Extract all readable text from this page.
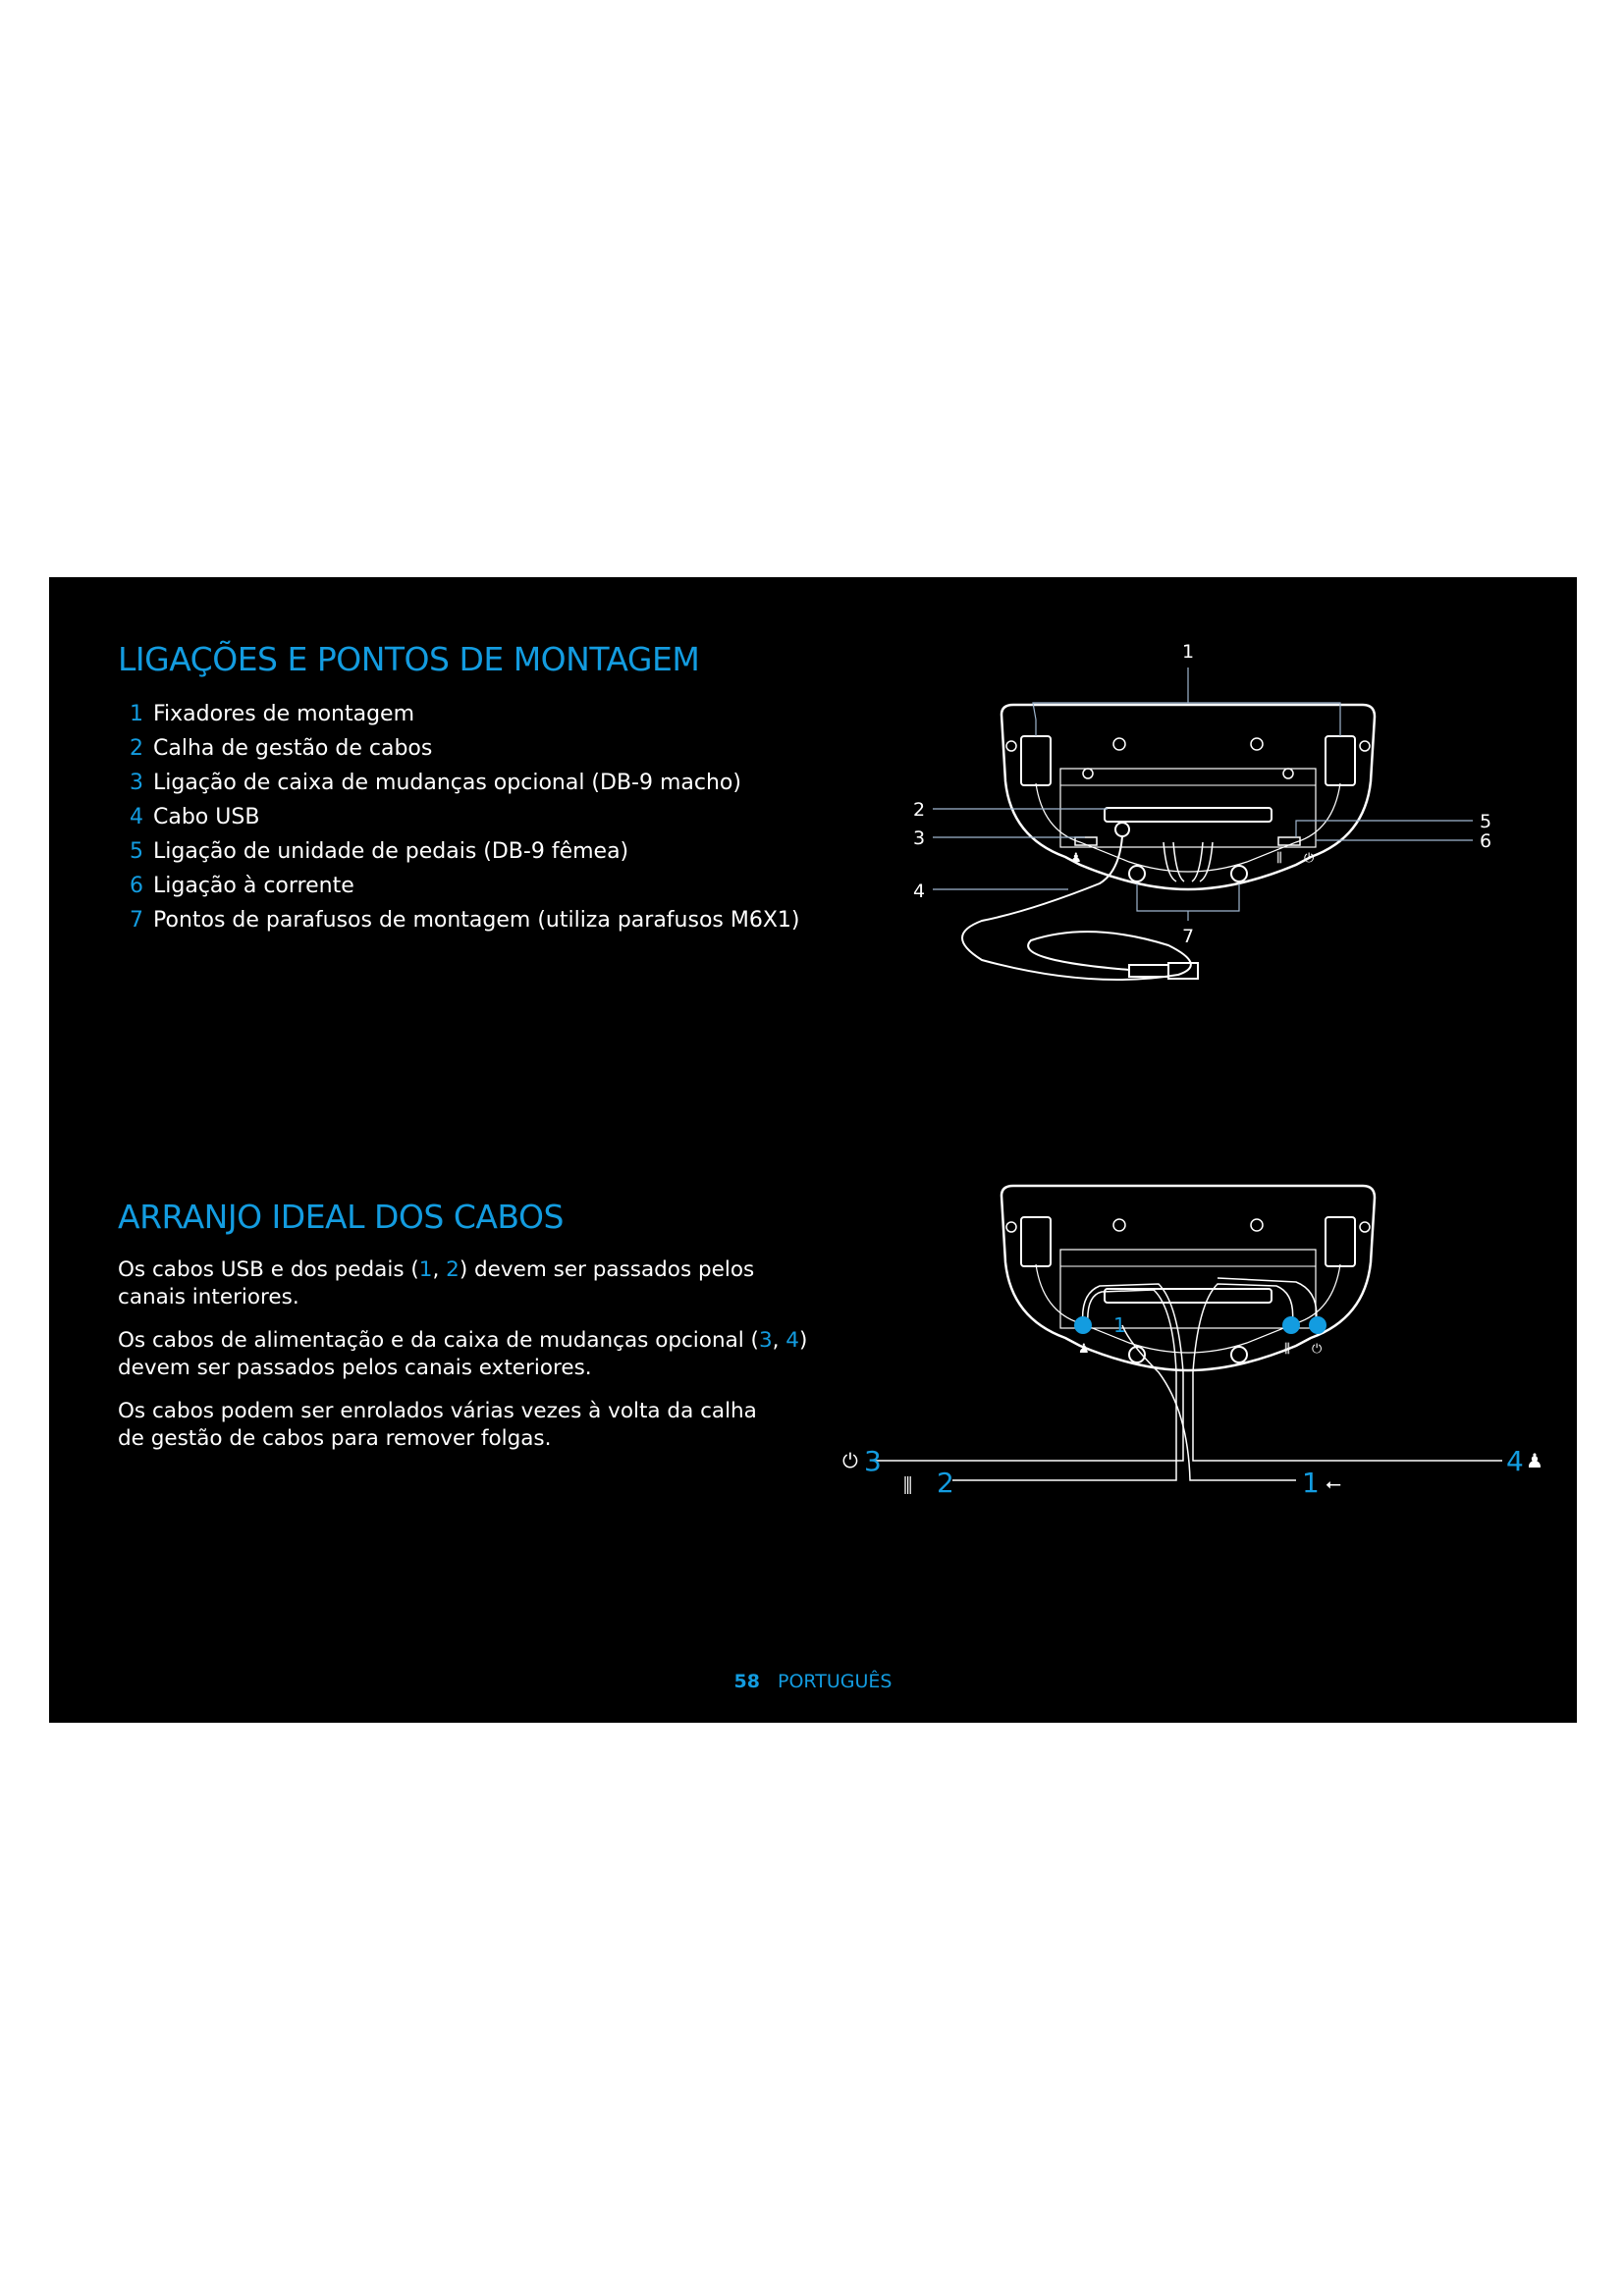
LIGAÇÕES E PONTOS DE MONTAGEM
1 Fixadores de montagem
2 Calha de gestão de cabos
3 Ligação de caixa de mudanças opcional (DB-9 macho)
4 Cabo USB
5 Ligação de unidade de pedais (DB-9 fêmea)
6 Ligação à corrente
7 Pontos de parafusos de montagem (utiliza parafusos M6X1)
♟	⫼ ⏻
1
2
3
4
5
6
7
ARRANJO IDEAL DOS CABOS

Os cabos USB e dos pedais (1, 2) devem ser passados pelos
canais interiores.

Os cabos de alimentação e da caixa de mudanças opcional (3, 4)
devem ser passados pelos canais exteriores.

Os cabos podem ser enrolados várias vezes à volta da calha
de gestão de cabos para remover folgas.

1
♟	⫼ ⏻
⏻ 3
⫼ 2
4 ♟
1 ⭠
58 PORTUGUÊS
